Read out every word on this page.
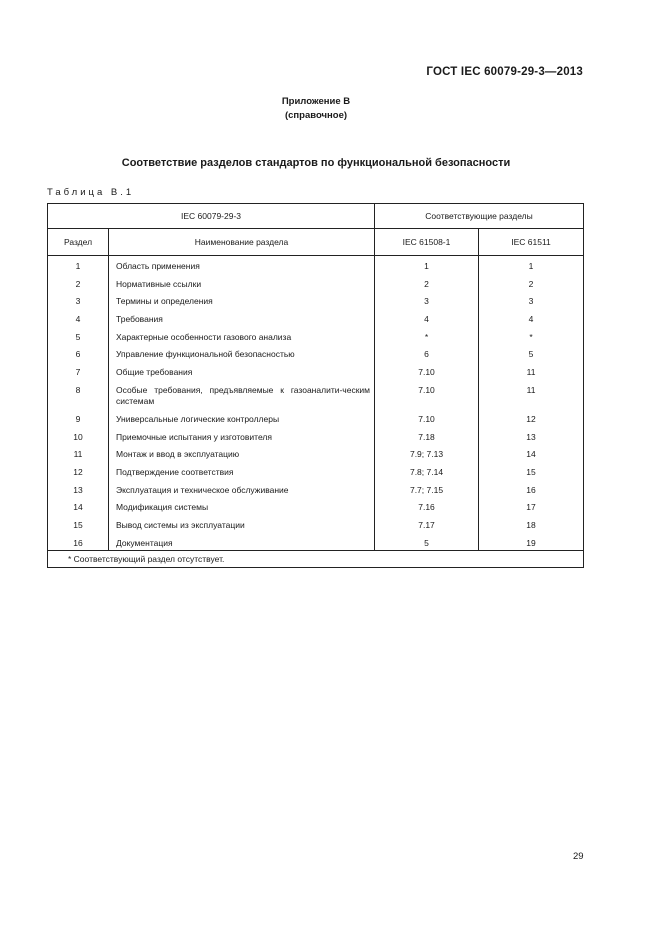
ГОСТ IEC 60079-29-3—2013
Приложение В
(справочное)
Соответствие разделов стандартов по функциональной безопасности
Таблица В.1
IEC 60079-29-3		Соответствующие разделы	
Раздел	Наименование раздела	IEC 61508-1	IEC 61511
1	Область применения	1	1
2	Нормативные ссылки	2	2
3	Термины и определения	3	3
4	Требования	4	4
5	Характерные особенности газового анализа	*	*
6	Управление функциональной безопасностью	6	5
7	Общие требования	7.10	11
8	Особые требования, предъявляемые к газоаналити-ческим системам	7.10	11
9	Универсальные логические контроллеры	7.10	12
10	Приемочные испытания у изготовителя	7.18	13
11	Монтаж и ввод в эксплуатацию	7.9; 7.13	14
12	Подтверждение соответствия	7.8; 7.14	15
13	Эксплуатация и техническое обслуживание	7.7; 7.15	16
14	Модификация системы	7.16	17
15	Вывод системы из эксплуатации	7.17	18
16	Документация	5	19
* Соответствующий раздел отсутствует.			
29
